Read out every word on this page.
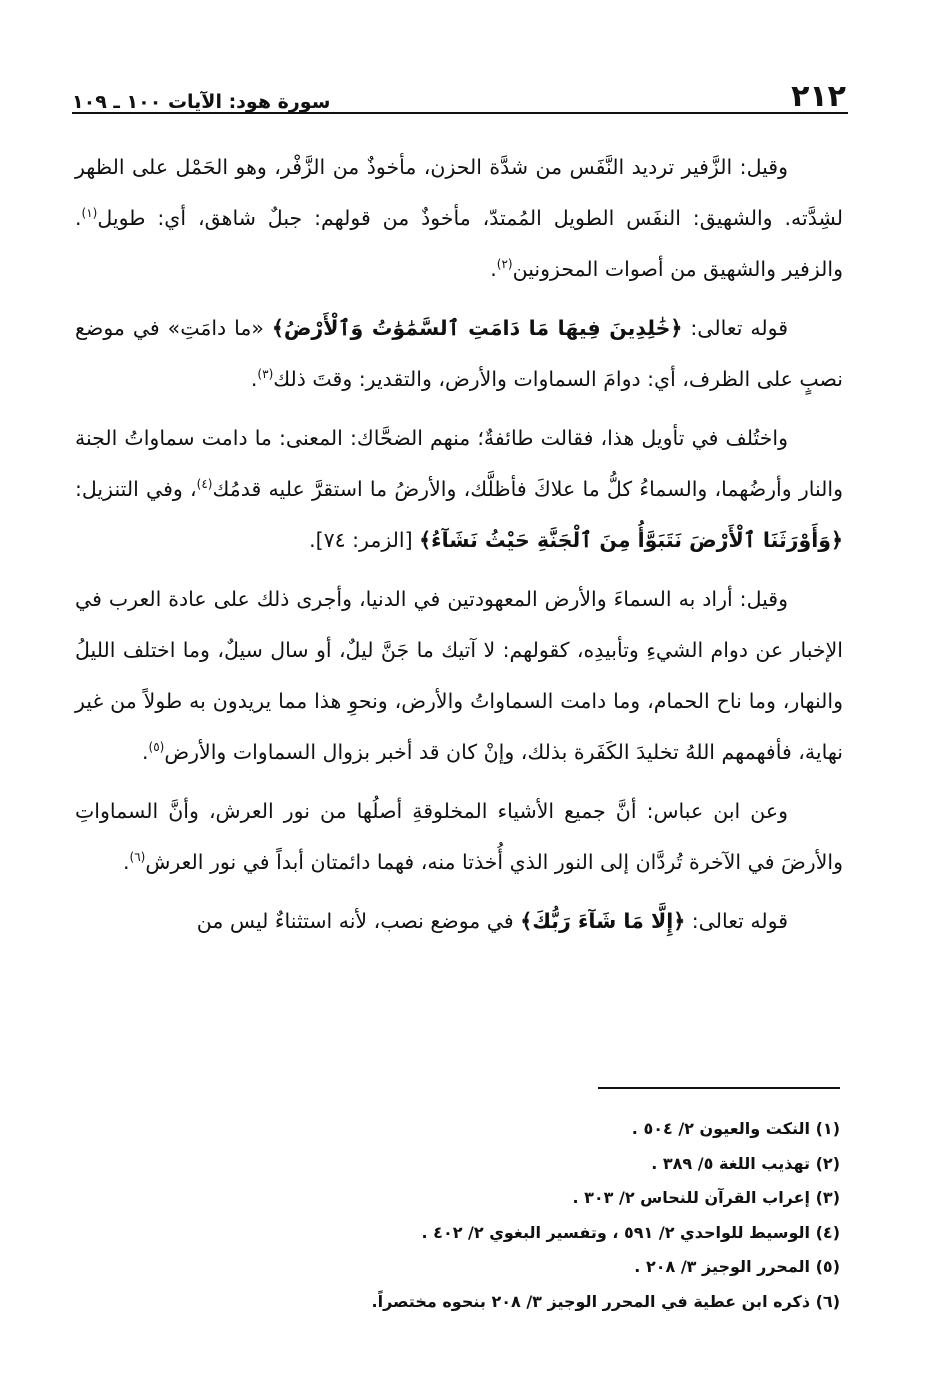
٢١٢
سورة هود: الآيات ١٠٠ ـ ١٠٩

وقيل: الزَّفير ترديد النَّفَس من شدَّة الحزن، مأخوذٌ من الزَّفْر، وهو الحَمْل على الظهر لشِدَّته. والشهيق: النفَس الطويل المُمتدّ، مأخوذٌ من قولهم: جبلٌ شاهق، أي: طويل$^{(١)}$. والزفير والشهيق من أصوات المحزونين$^{(٢)}$.

قوله تعالى: ﴿خَٰلِدِينَ فِيهَا مَا دَامَتِ ٱلسَّمَٰوَٰتُ وَٱلْأَرْضُ﴾ «ما دامَتِ» في موضع نصبٍ على الظرف، أي: دوامَ السماوات والأرض، والتقدير: وقتَ ذلك$^{(٣)}$.

واختُلف في تأويل هذا، فقالت طائفةٌ؛ منهم الضحَّاك: المعنى: ما دامت سماواتُ الجنة والنار وأرضُهما، والسماءُ كلُّ ما علاكَ فأظلَّك، والأرضُ ما استقرَّ عليه قدمُك$^{(٤)}$، وفي التنزيل: ﴿وَأَوْرَثَنَا ٱلْأَرْضَ نَتَبَوَّأُ مِنَ ٱلْجَنَّةِ حَيْثُ نَشَآءُ﴾ [الزمر: ٧٤].

وقيل: أراد به السماءَ والأرض المعهودتين في الدنيا، وأجرى ذلك على عادة العرب في الإخبار عن دوام الشيءِ وتأبيدِه، كقولهم: لا آتيك ما جَنَّ ليلٌ، أو سال سيلٌ، وما اختلف الليلُ والنهار، وما ناح الحمام، وما دامت السماواتُ والأرض، ونحوِ هذا مما يريدون به طولاً من غير نهاية، فأفهمهم اللهُ تخليدَ الكَفَرة بذلك، وإنْ كان قد أخبر بزوال السماوات والأرض$^{(٥)}$.

وعن ابن عباس: أنَّ جميع الأشياء المخلوقةِ أصلُها من نور العرش، وأنَّ السماواتِ والأرضَ في الآخرة تُردَّان إلى النور الذي أُخذتا منه، فهما دائمتان أبداً في نور العرش$^{(٦)}$.

قوله تعالى: ﴿إِلَّا مَا شَآءَ رَبُّكَ﴾ في موضع نصب، لأنه استثناءٌ ليس من

(١) النكت والعيون ٢/ ٥٠٤ .
(٢) تهذيب اللغة ٥/ ٣٨٩ .
(٣) إعراب القرآن للنحاس ٢/ ٣٠٣ .
(٤) الوسيط للواحدي ٢/ ٥٩١ ، وتفسير البغوي ٢/ ٤٠٢ .
(٥) المحرر الوجيز ٣/ ٢٠٨ .
(٦) ذكره ابن عطية في المحرر الوجيز ٣/ ٢٠٨ بنحوه مختصراً.
